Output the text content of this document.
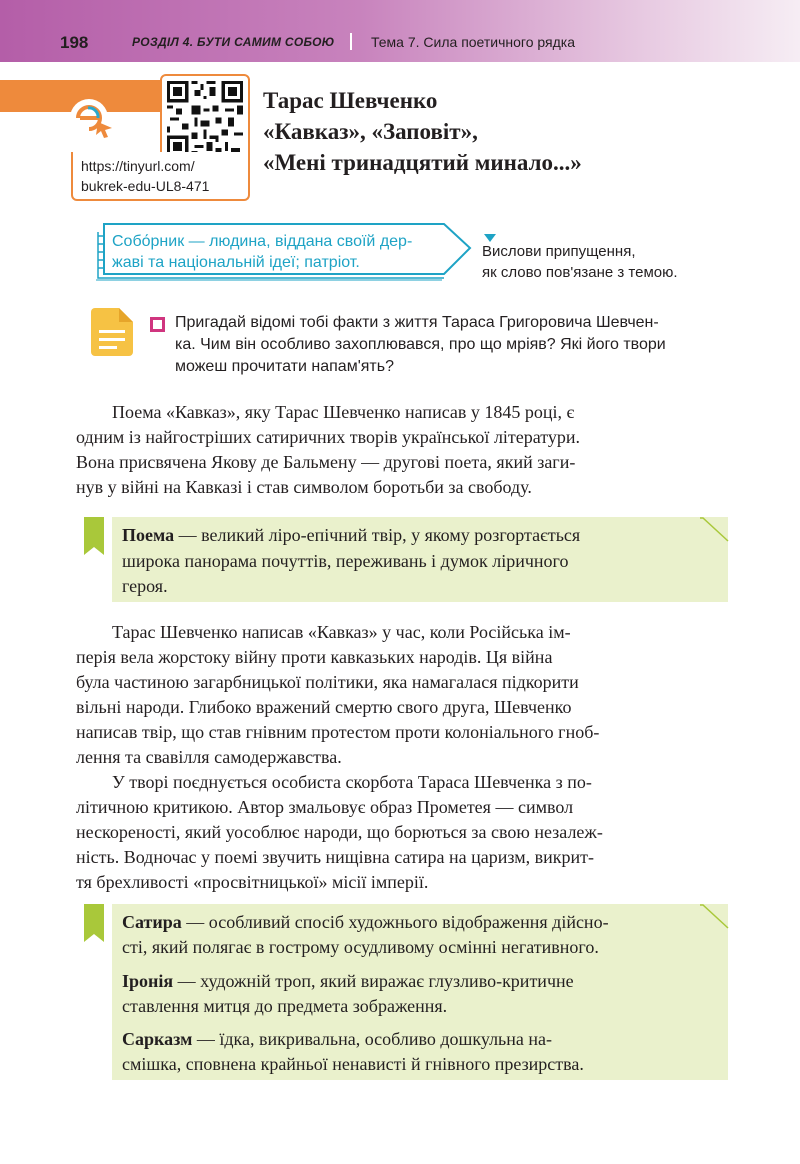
198	РОЗДІЛ 4. БУТИ САМИМ СОБОЮ	Тема 7. Сила поетичного рядка
https://tinyurl.com/
bukrek-edu-UL8-471
Тарас Шевченко
«Кавказ», «Заповіт»,
«Мені тринадцятий минало...»
Собо́рник — людина, віддана своїй дер-
жаві та національній ідеї; патріот.
Вислови припущення,
як слово пов'язане з темою.
Пригадай відомі тобі факти з життя Тараса Григоровича Шевчен-
ка. Чим він особливо захоплювався, про що мріяв? Які його твори
можеш прочитати напам'ять?
Поема «Кавказ», яку Тарас Шевченко написав у 1845 році, є
одним із найгостріших сатиричних творів української літератури.
Вона присвячена Якову де Бальмену — другові поета, який заги-
нув у війні на Кавказі і став символом боротьби за свободу.
Поема — великий ліро-епічний твір, у якому розгортається
широка панорама почуттів, переживань і думок ліричного
героя.
Тарас Шевченко написав «Кавказ» у час, коли Російська ім-
перія вела жорстоку війну проти кавказьких народів. Ця війна
була частиною загарбницької політики, яка намагалася підкорити
вільні народи. Глибоко вражений смертю свого друга, Шевченко
написав твір, що став гнівним протестом проти колоніального гноб-
лення та свавілля самодержавства.
У творі поєднується особиста скорбота Тараса Шевченка з по-
літичною критикою. Автор змальовує образ Прометея — символ
нескореності, який уособлює народи, що борються за свою незалеж-
ність. Водночас у поемі звучить нищівна сатира на царизм, викрит-
тя брехливості «просвітницької» місії імперії.
Сатира — особливий спосіб художнього відображення дійсно-
сті, який полягає в гострому осудливому осмінні негативного.
Іронія — художній троп, який виражає глузливо-критичне
ставлення митця до предмета зображення.
Сарказм — їдка, викривальна, особливо дошкульна на-
смішка, сповнена крайньої ненависті й гнівного презирства.
